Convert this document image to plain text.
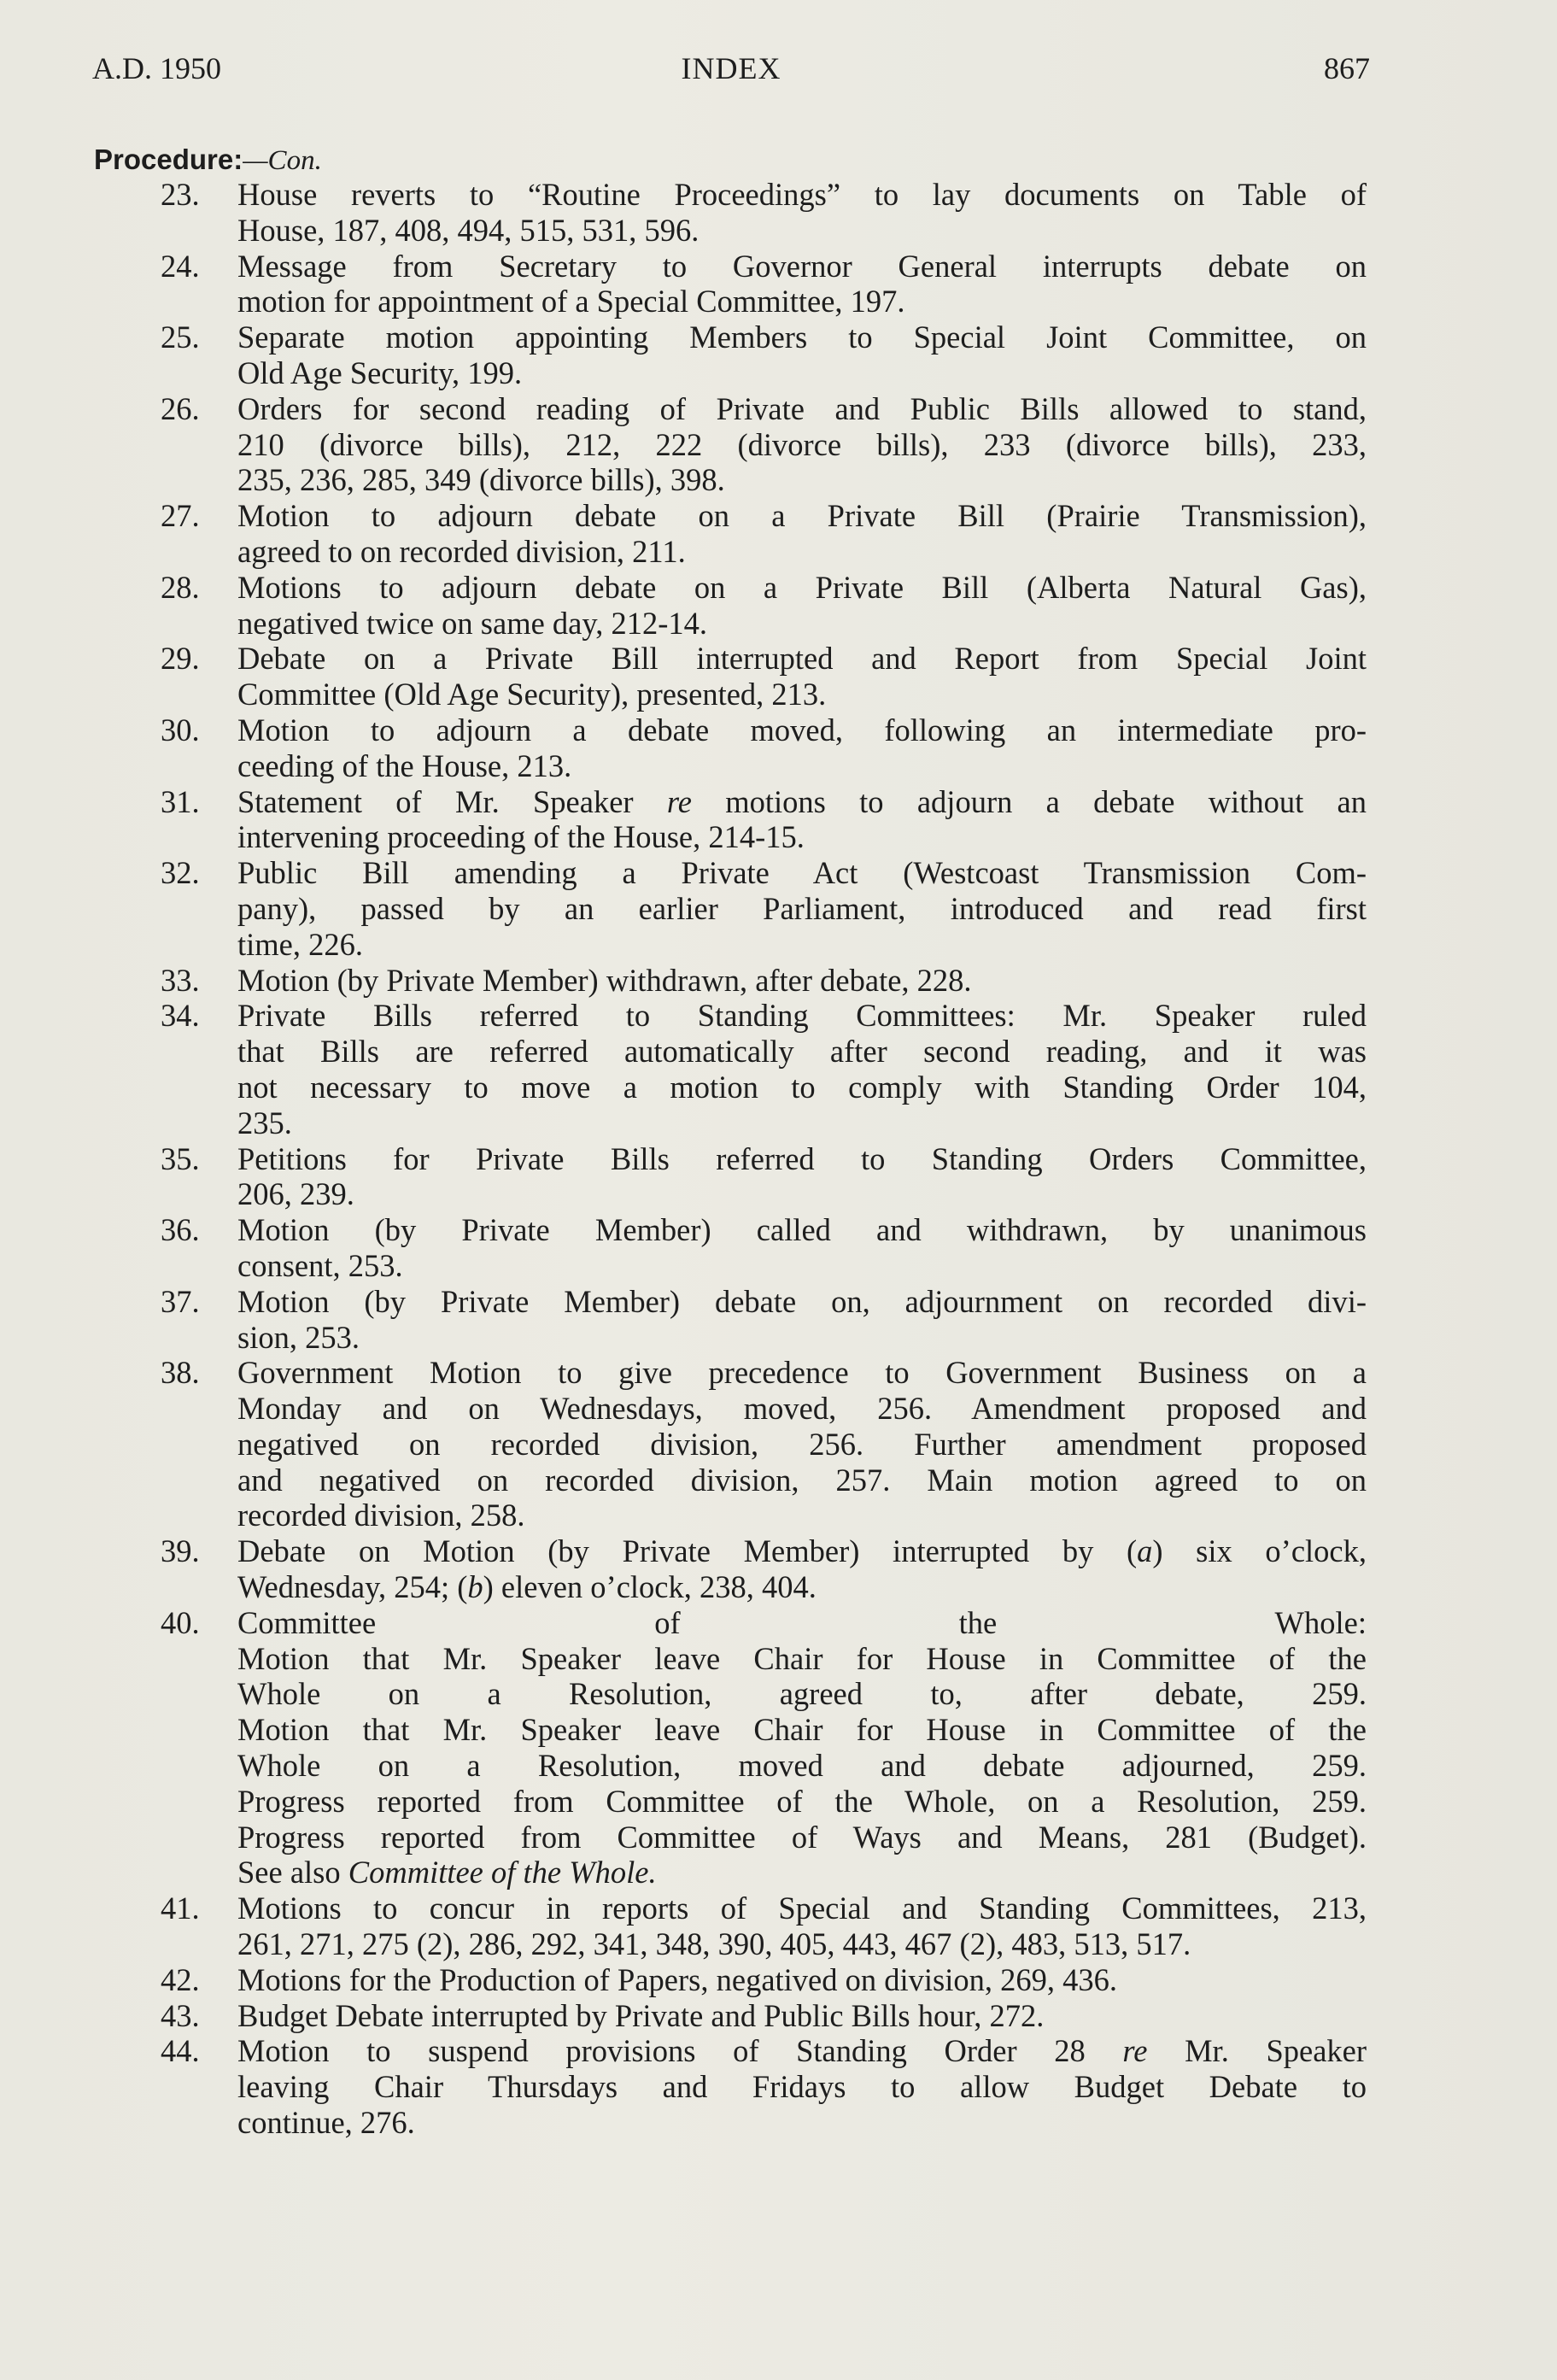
INDEX
A.D. 1950	867
Procedure:—Con.
23.	House reverts to “Routine Proceedings” to lay documents on Table of
House, 187, 408, 494, 515, 531, 596.
24.	Message from Secretary to Governor General interrupts debate on
motion for appointment of a Special Committee, 197.
25.	Separate motion appointing Members to Special Joint Committee, on
Old Age Security, 199.
26.	Orders for second reading of Private and Public Bills allowed to stand,
210 (divorce bills), 212, 222 (divorce bills), 233 (divorce bills), 233,
235, 236, 285, 349 (divorce bills), 398.
27.	Motion to adjourn debate on a Private Bill (Prairie Transmission),
agreed to on recorded division, 211.
28.	Motions to adjourn debate on a Private Bill (Alberta Natural Gas),
negatived twice on same day, 212-14.
29.	Debate on a Private Bill interrupted and Report from Special Joint
Committee (Old Age Security), presented, 213.
30.	Motion to adjourn a debate moved, following an intermediate pro-
ceeding of the House, 213.
31.	Statement of Mr. Speaker re motions to adjourn a debate without an
intervening proceeding of the House, 214-15.
32.	Public Bill amending a Private Act (Westcoast Transmission Com-
pany), passed by an earlier Parliament, introduced and read first
time, 226.
33.	Motion (by Private Member) withdrawn, after debate, 228.
34.	Private Bills referred to Standing Committees: Mr. Speaker ruled
that Bills are referred automatically after second reading, and it was
not necessary to move a motion to comply with Standing Order 104,
235.
35.	Petitions for Private Bills referred to Standing Orders Committee,
206, 239.
36.	Motion (by Private Member) called and withdrawn, by unanimous
consent, 253.
37.	Motion (by Private Member) debate on, adjournment on recorded divi-
sion, 253.
38.	Government Motion to give precedence to Government Business on a
Monday and on Wednesdays, moved, 256. Amendment proposed and
negatived on recorded division, 256. Further amendment proposed
and negatived on recorded division, 257. Main motion agreed to on
recorded division, 258.
39.	Debate on Motion (by Private Member) interrupted by (a) six o’clock,
Wednesday, 254; (b) eleven o’clock, 238, 404.
40.	Committee of the Whole:
Motion that Mr. Speaker leave Chair for House in Committee of the
Whole on a Resolution, agreed to, after debate, 259.
Motion that Mr. Speaker leave Chair for House in Committee of the
Whole on a Resolution, moved and debate adjourned, 259.
Progress reported from Committee of the Whole, on a Resolution, 259.
Progress reported from Committee of Ways and Means, 281 (Budget).
See also Committee of the Whole.
41.	Motions to concur in reports of Special and Standing Committees, 213,
261, 271, 275 (2), 286, 292, 341, 348, 390, 405, 443, 467 (2), 483, 513, 517.
42.	Motions for the Production of Papers, negatived on division, 269, 436.
43.	Budget Debate interrupted by Private and Public Bills hour, 272.
44.	Motion to suspend provisions of Standing Order 28 re Mr. Speaker
leaving Chair Thursdays and Fridays to allow Budget Debate to
continue, 276.
